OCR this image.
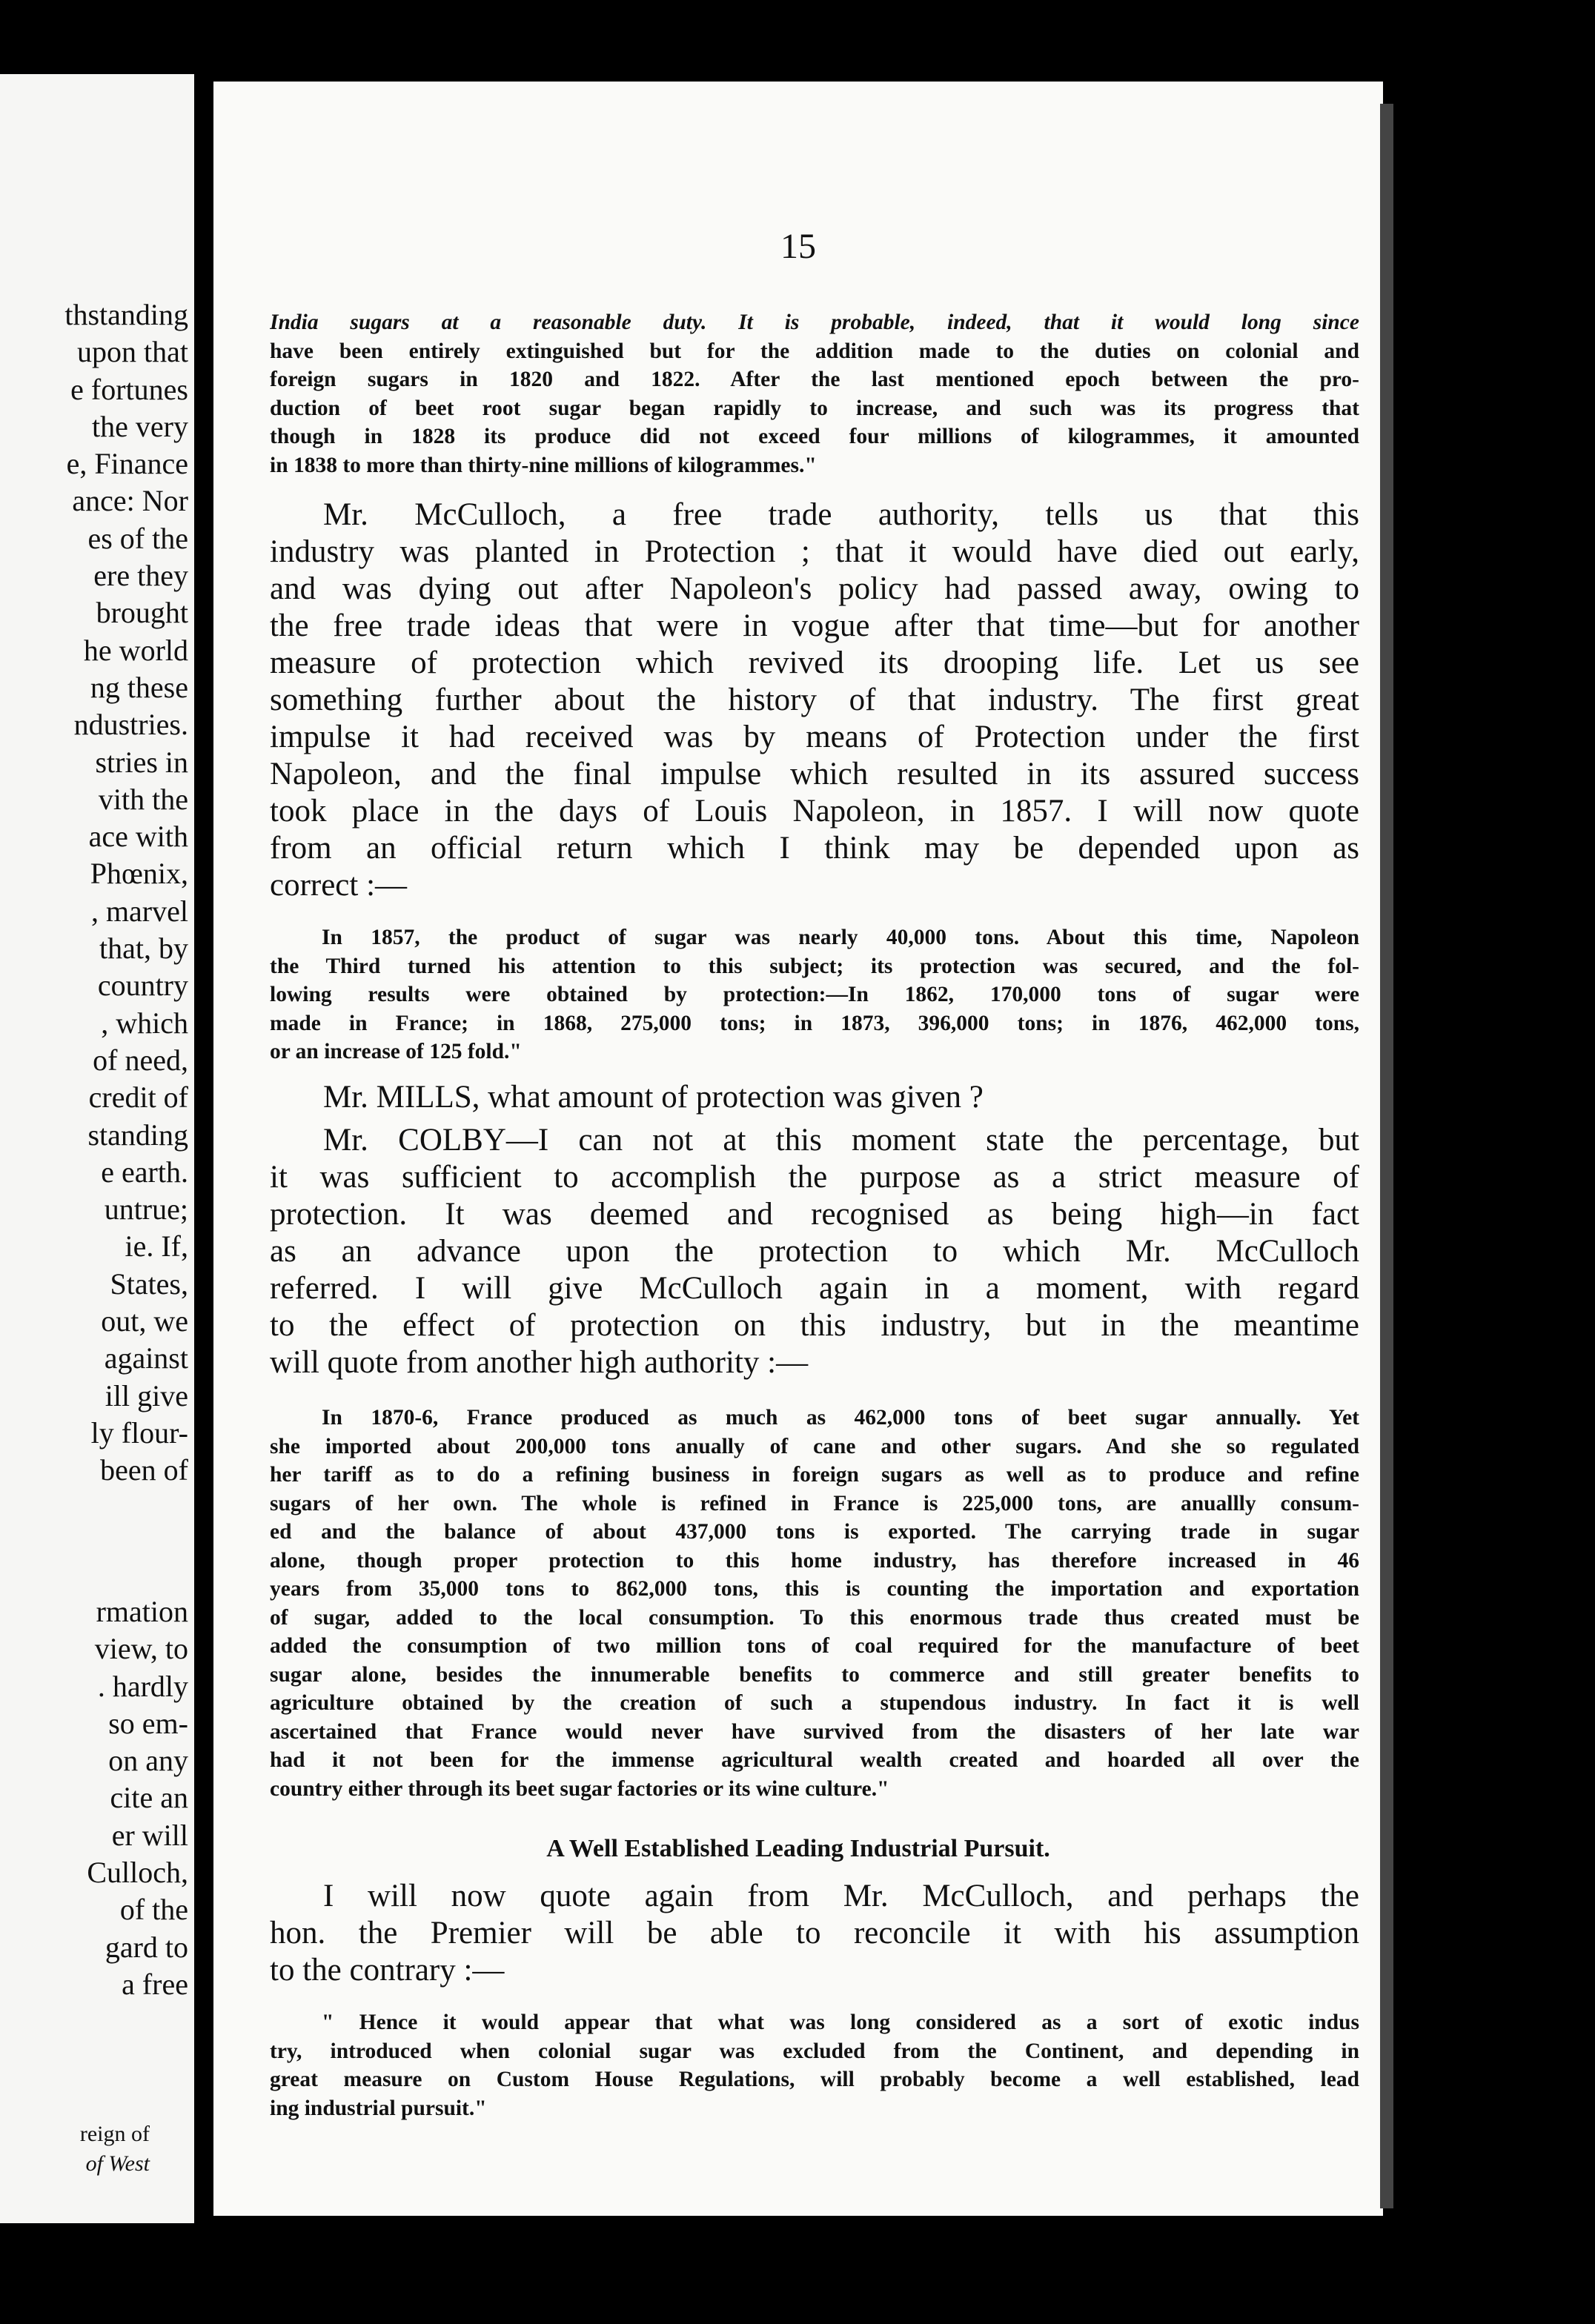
thstanding
upon that
e fortunes
the very
e, Finance
ance: Nor
es of the
ere they
brought
he world
ng these
ndustries.
stries in
vith the
ace with
Phœnix,
, marvel
that, by
country
, which
of need,
credit of
standing
e earth.
untrue;
ie. If,
States,
out, we
against
ill give
ly flour-
been of
rmation
view, to
. hardly
so em-
on any
cite an
er will
Culloch,
of the
gard to
a free
reign of
of West
15
India sugars at a reasonable duty. It is probable, indeed, that it would long since
have been entirely extinguished but for the addition made to the duties on colonial and
foreign sugars in 1820 and 1822. After the last mentioned epoch between the pro-
duction of beet root sugar began rapidly to increase, and such was its progress that
though in 1828 its produce did not exceed four millions of kilogrammes, it amounted
in 1838 to more than thirty-nine millions of kilogrammes."
Mr. McCulloch, a free trade authority, tells us that this
industry was planted in Protection ; that it would have died out early,
and was dying out after Napoleon's policy had passed away, owing to
the free trade ideas that were in vogue after that time—but for another
measure of protection which revived its drooping life. Let us see
something further about the history of that industry. The first great
impulse it had received was by means of Protection under the first
Napoleon, and the final impulse which resulted in its assured success
took place in the days of Louis Napoleon, in 1857. I will now quote
from an official return which I think may be depended upon as
correct :—
In 1857, the product of sugar was nearly 40,000 tons. About this time, Napoleon
the Third turned his attention to this subject; its protection was secured, and the fol-
lowing results were obtained by protection:—In 1862, 170,000 tons of sugar were
made in France; in 1868, 275,000 tons; in 1873, 396,000 tons; in 1876, 462,000 tons,
or an increase of 125 fold."
Mr. MILLS, what amount of protection was given ?
Mr. COLBY—I can not at this moment state the percentage, but
it was sufficient to accomplish the purpose as a strict measure of
protection. It was deemed and recognised as being high—in fact
as an advance upon the protection to which Mr. McCulloch
referred. I will give McCulloch again in a moment, with regard
to the effect of protection on this industry, but in the meantime
will quote from another high authority :—
In 1870-6, France produced as much as 462,000 tons of beet sugar annually. Yet
she imported about 200,000 tons anually of cane and other sugars. And she so regulated
her tariff as to do a refining business in foreign sugars as well as to produce and refine
sugars of her own. The whole is refined in France is 225,000 tons, are anuallly consum-
ed and the balance of about 437,000 tons is exported. The carrying trade in sugar
alone, though proper protection to this home industry, has therefore increased in 46
years from 35,000 tons to 862,000 tons, this is counting the importation and exportation
of sugar, added to the local consumption. To this enormous trade thus created must be
added the consumption of two million tons of coal required for the manufacture of beet
sugar alone, besides the innumerable benefits to commerce and still greater benefits to
agriculture obtained by the creation of such a stupendous industry. In fact it is well
ascertained that France would never have survived from the disasters of her late war
had it not been for the immense agricultural wealth created and hoarded all over the
country either through its beet sugar factories or its wine culture."
A Well Established Leading Industrial Pursuit.
I will now quote again from Mr. McCulloch, and perhaps the
hon. the Premier will be able to reconcile it with his assumption
to the contrary :—
" Hence it would appear that what was long considered as a sort of exotic indus
try, introduced when colonial sugar was excluded from the Continent, and depending in
great measure on Custom House Regulations, will probably become a well established, lead
ing industrial pursuit."
